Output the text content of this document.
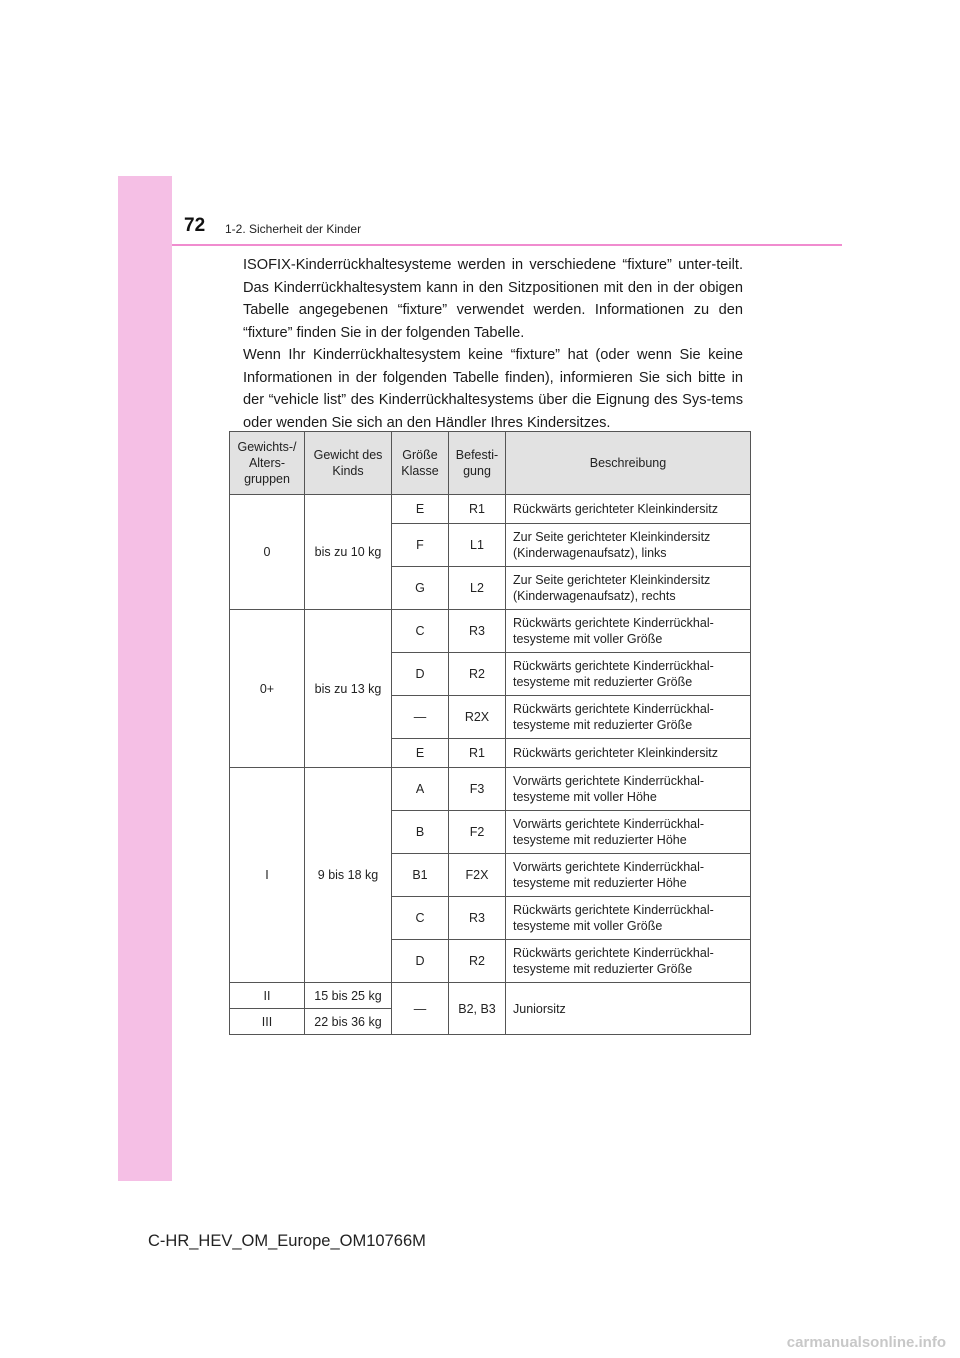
72 1-2. Sicherheit der Kinder

ISOFIX-Kinderrückhaltesysteme werden in verschiedene “fixture” unter-teilt. Das Kinderrückhaltesystem kann in den Sitzpositionen mit den in der obigen Tabelle angegebenen “fixture” verwendet werden. Informationen zu den “fixture” finden Sie in der folgenden Tabelle.

Wenn Ihr Kinderrückhaltesystem keine “fixture” hat (oder wenn Sie keine Informationen in der folgenden Tabelle finden), informieren Sie sich bitte in der “vehicle list” des Kinderrückhaltesystems über die Eignung des Sys-tems oder wenden Sie sich an den Händler Ihres Kindersitzes.

Gewichts-/ Alters-gruppen	Gewicht des Kinds	Größe Klasse	Befesti-gung	Beschreibung
0	bis zu 10 kg	E	R1	Rückwärts gerichteter Kleinkindersitz
		F	L1	Zur Seite gerichteter Kleinkindersitz (Kinderwagenaufsatz), links
		G	L2	Zur Seite gerichteter Kleinkindersitz (Kinderwagenaufsatz), rechts
0+	bis zu 13 kg	C	R3	Rückwärts gerichtete Kinderrückhal-tesysteme mit voller Größe
		D	R2	Rückwärts gerichtete Kinderrückhal-tesysteme mit reduzierter Größe
		—	R2X	Rückwärts gerichtete Kinderrückhal-tesysteme mit reduzierter Größe
		E	R1	Rückwärts gerichteter Kleinkindersitz
I	9 bis 18 kg	A	F3	Vorwärts gerichtete Kinderrückhal-tesysteme mit voller Höhe
		B	F2	Vorwärts gerichtete Kinderrückhal-tesysteme mit reduzierter Höhe
		B1	F2X	Vorwärts gerichtete Kinderrückhal-tesysteme mit reduzierter Höhe
		C	R3	Rückwärts gerichtete Kinderrückhal-tesysteme mit voller Größe
		D	R2	Rückwärts gerichtete Kinderrückhal-tesysteme mit reduzierter Größe
II	15 bis 25 kg	—	B2, B3	Juniorsitz
III	22 bis 36 kg			
C-HR_HEV_OM_Europe_OM10766M
carmanualsonline.info
